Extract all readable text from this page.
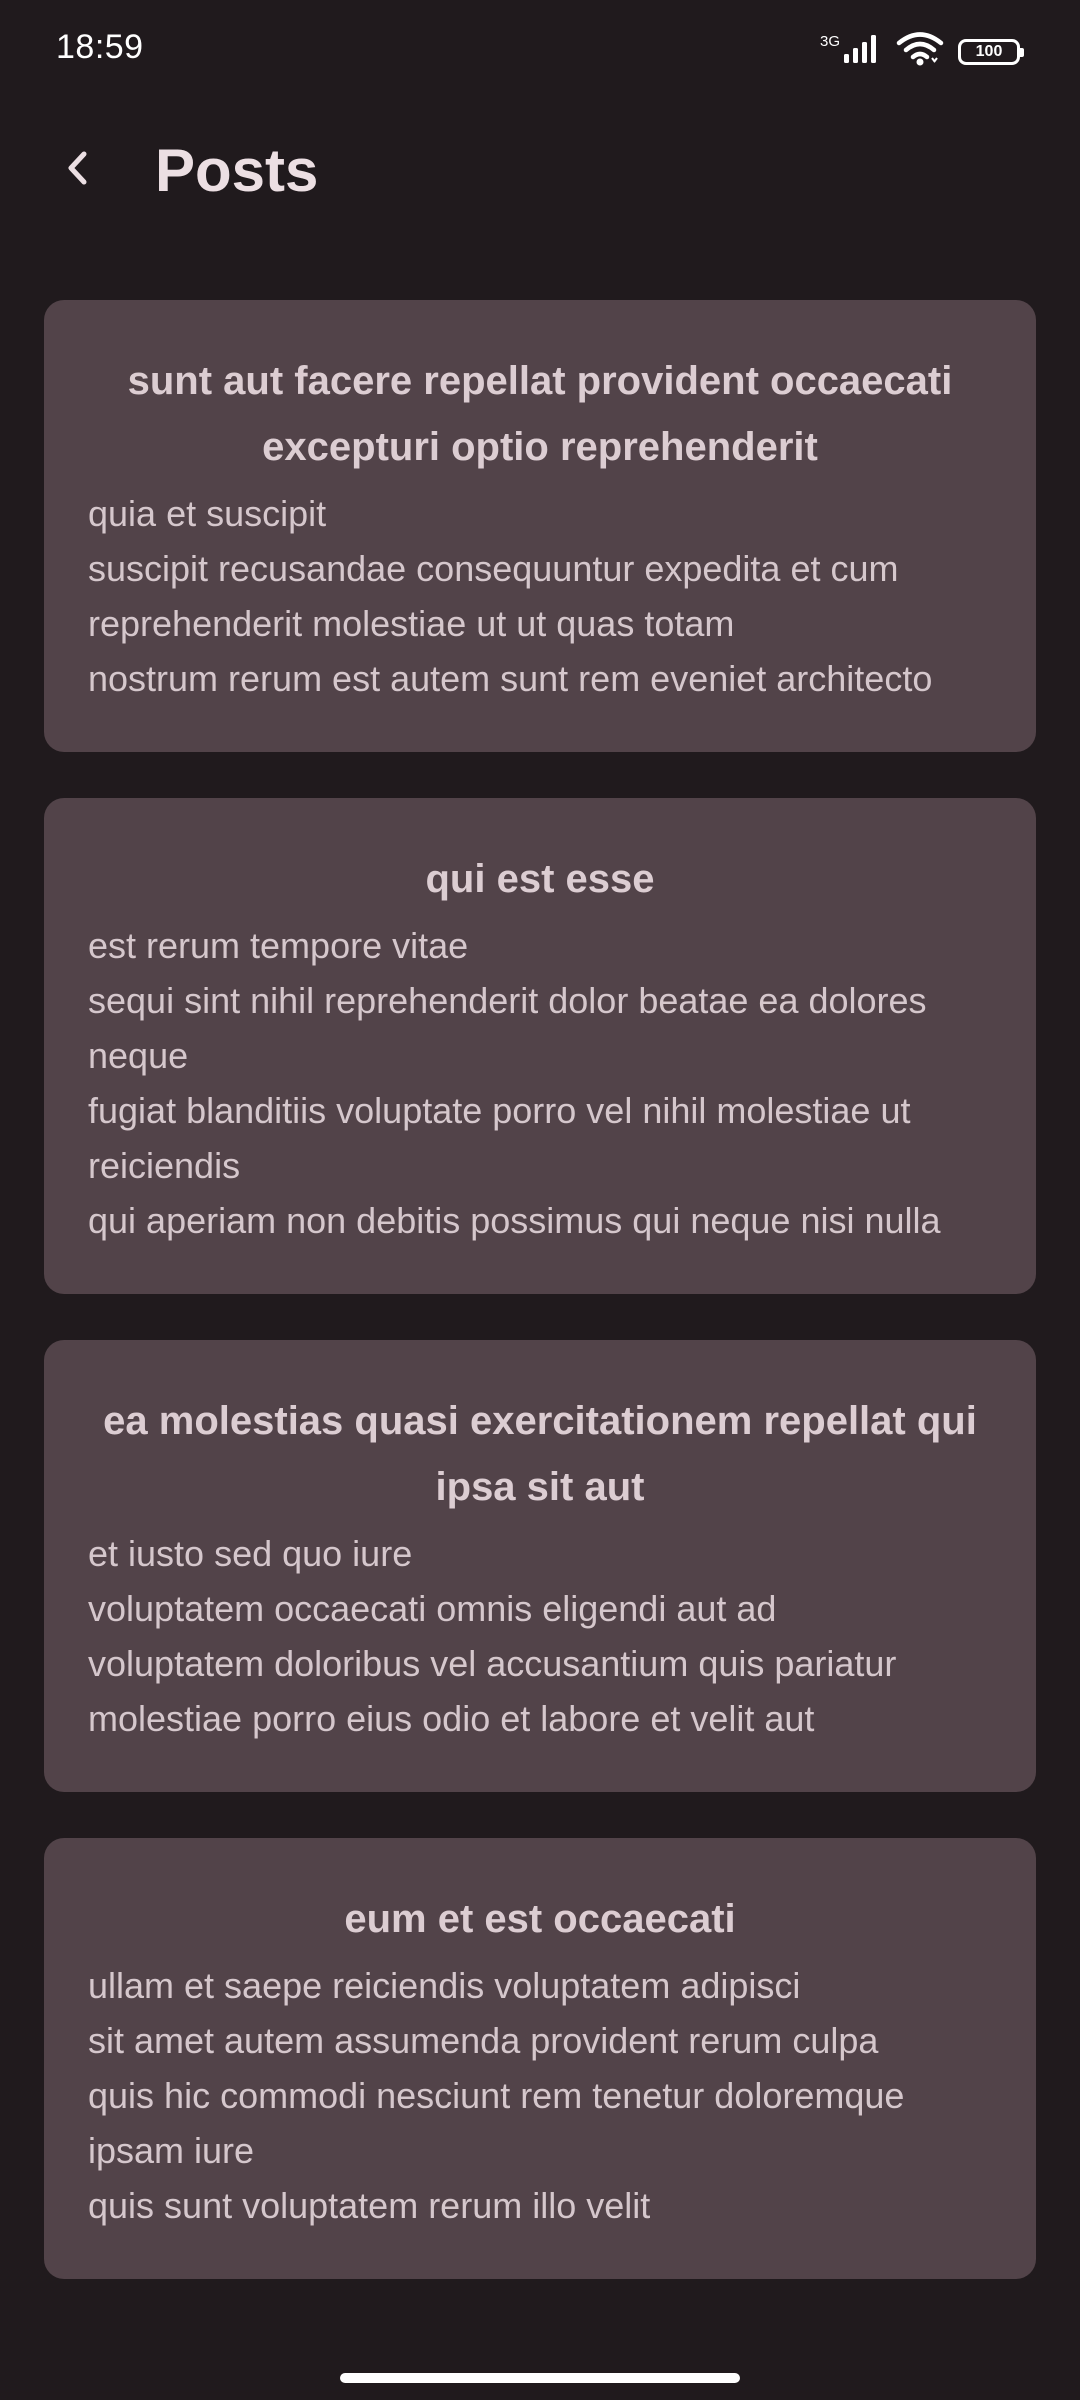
18:59	3G
100
Posts
sunt aut facere repellat provident occaecati excepturi optio reprehenderit
quia et suscipit
suscipit recusandae consequuntur expedita et cum reprehenderit molestiae ut ut quas totam
nostrum rerum est autem sunt rem eveniet architecto
qui est esse
est rerum tempore vitae
sequi sint nihil reprehenderit dolor beatae ea dolores neque
fugiat blanditiis voluptate porro vel nihil molestiae ut reiciendis
qui aperiam non debitis possimus qui neque nisi nulla
ea molestias quasi exercitationem repellat qui ipsa sit aut
et iusto sed quo iure
voluptatem occaecati omnis eligendi aut ad
voluptatem doloribus vel accusantium quis pariatur
molestiae porro eius odio et labore et velit aut
eum et est occaecati
ullam et saepe reiciendis voluptatem adipisci
sit amet autem assumenda provident rerum culpa
quis hic commodi nesciunt rem tenetur doloremque ipsam iure
quis sunt voluptatem rerum illo velit
